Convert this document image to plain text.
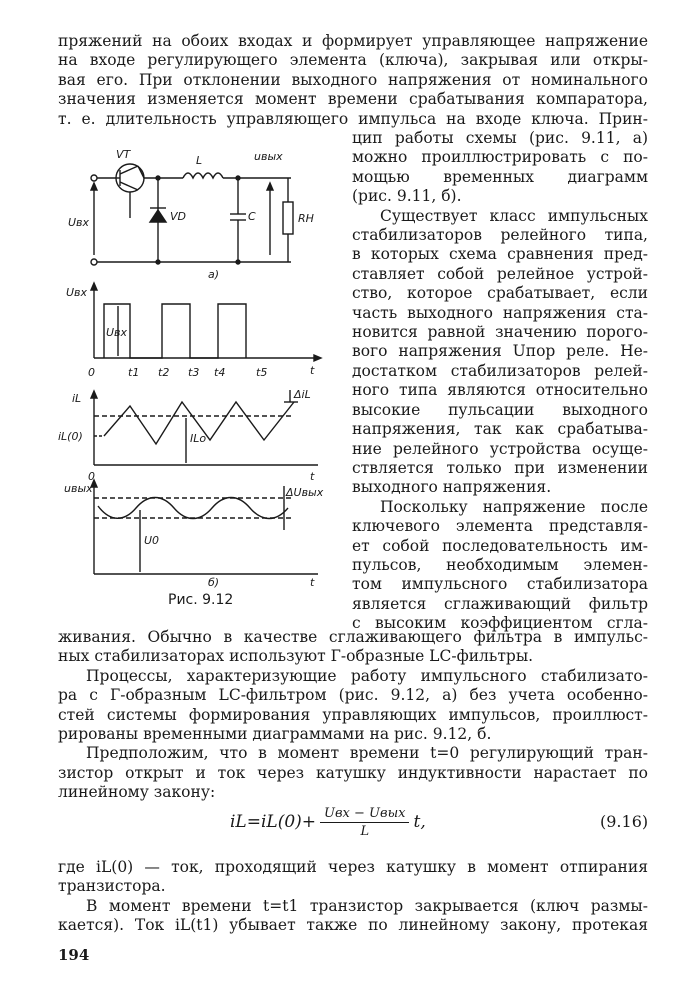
пряжений на обоих входах и формирует управляющее напряжение
на входе регулирующего элемента (ключа), закрывая или откры-
вая его. При отклонении выходного напряжения от номинального
значения изменяется момент времени срабатывания компаратора,
т. е. длительность управляющего импульса на входе ключа. Прин-
цип работы схемы (рис. 9.11, а)
можно проиллюстрировать с по-
мощью временных диаграмм
(рис. 9.11, б).
Существует класс импульсных
стабилизаторов релейного типа,
в которых схема сравнения пред-
ставляет собой релейное устрой-
ство, которое срабатывает, если
часть выходного напряжения ста-
новится равной значению порого-
вого напряжения Uпор реле. Не-
достатком стабилизаторов релей-
ного типа являются относительно
высокие пульсации выходного
напряжения, так как срабатыва-
ние релейного устройства осуще-
ствляется только при изменении
выходного напряжения.
Поскольку напряжение после
ключевого элемента представля-
ет собой последовательность им-
пульсов, необходимым элемен-
том импульсного стабилизатора
является сглаживающий фильтр
с высоким коэффициентом сгла-
VT	L	uвых
Uвх	VD	C	RH
а)
Uвх
Uвх
0	t1 t2 t3 t4	t5	t
iL
iL(0)	ILo
ΔiL
0	t
uвых	ΔUвых
U0
t
б)
Рис. 9.12
живания. Обычно в качестве сглаживающего фильтра в импульс-
ных стабилизаторах используют Г-образные LC-фильтры.
Процессы, характеризующие работу импульсного стабилизато-
ра с Г-образным LC-фильтром (рис. 9.12, а) без учета особенно-
стей системы формирования управляющих импульсов, проиллюст-
рированы временными диаграммами на рис. 9.12, б.
Предположим, что в момент времени t=0 регулирующий тран-
зистор открыт и ток через катушку индуктивности нарастает по
линейному закону:
$iL=iL(0)+ \frac{\text{Uвх − Uвых}}{L} t$,	(9.16)
где iL(0) — ток, проходящий через катушку в момент отпирания
транзистора.
В момент времени t=t1 транзистор закрывается (ключ размы-
кается). Ток iL(t1) убывает также по линейному закону, протекая
194
